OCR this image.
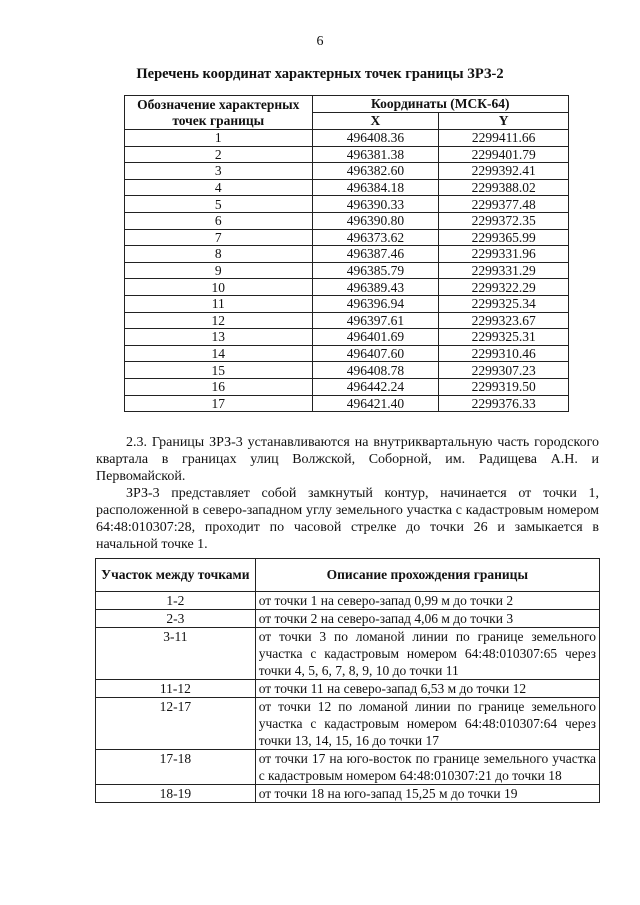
6
Перечень координат характерных точек границы ЗРЗ-2
Обозначение характерных точек границы	Координаты (МСК-64)	
	X	Y
1	496408.36	2299411.66
2	496381.38	2299401.79
3	496382.60	2299392.41
4	496384.18	2299388.02
5	496390.33	2299377.48
6	496390.80	2299372.35
7	496373.62	2299365.99
8	496387.46	2299331.96
9	496385.79	2299331.29
10	496389.43	2299322.29
11	496396.94	2299325.34
12	496397.61	2299323.67
13	496401.69	2299325.31
14	496407.60	2299310.46
15	496408.78	2299307.23
16	496442.24	2299319.50
17	496421.40	2299376.33

2.3. Границы ЗРЗ-3 устанавливаются на внутриквартальную часть городского квартала в границах улиц Волжской, Соборной, им. Радищева А.Н. и Первомайской.

ЗРЗ-3 представляет собой замкнутый контур, начинается от точки 1, расположенной в северо-западном углу земельного участка с кадастровым номером 64:48:010307:28, проходит по часовой стрелке до точки 26 и замыкается в начальной точке 1.

Участок между точками	Описание прохождения границы
1-2	от точки 1 на северо-запад 0,99 м до точки 2
2-3	от точки 2 на северо-запад 4,06 м до точки 3
3-11	от точки 3 по ломаной линии по границе земельного участка с кадастровым номером 64:48:010307:65 через точки 4, 5, 6, 7, 8, 9, 10 до точки 11
11-12	от точки 11 на северо-запад 6,53 м до точки 12
12-17	от точки 12 по ломаной линии по границе земельного участка с кадастровым номером 64:48:010307:64 через точки 13, 14, 15, 16 до точки 17
17-18	от точки 17 на юго-восток по границе земельного участка с кадастровым номером 64:48:010307:21 до точки 18
18-19	от точки 18 на юго-запад 15,25 м до точки 19
